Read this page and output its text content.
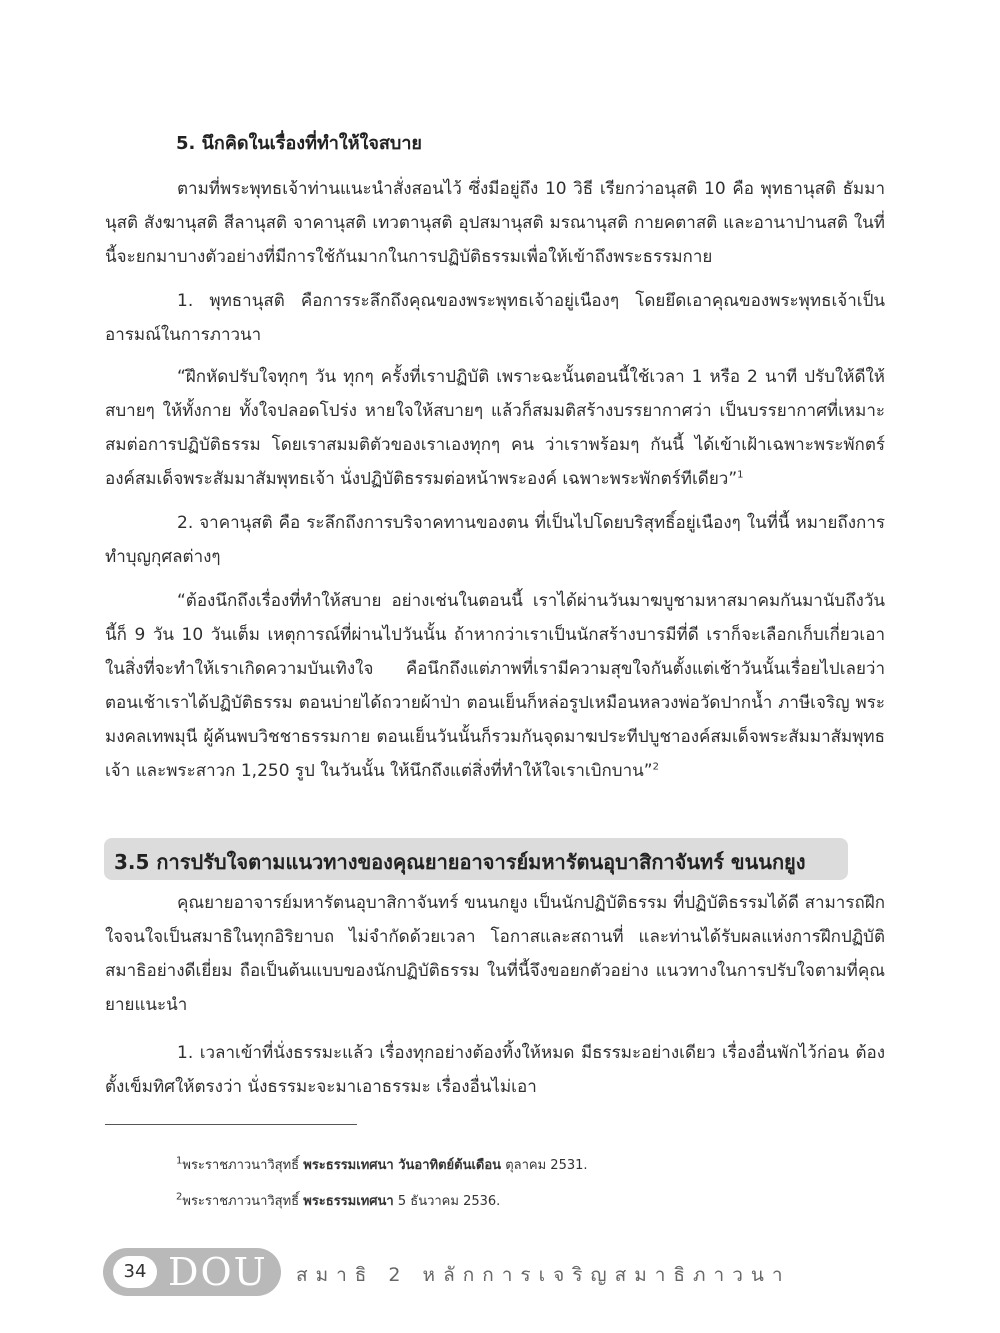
5. นึกคิดในเรื่องที่ทำให้ใจสบาย
ตามที่พระพุทธเจ้าท่านแนะนำสั่งสอนไว้ ซึ่งมีอยู่ถึง 10 วิธี เรียกว่าอนุสติ 10 คือ พุทธานุสติ ธัมมานุสติ สังฆานุสติ สีลานุสติ จาคานุสติ เทวตานุสติ อุปสมานุสติ มรณานุสติ กายคตาสติ และอานาปานสติ ในที่นี้จะยกมาบางตัวอย่างที่มีการใช้กันมากในการปฏิบัติธรรมเพื่อให้เข้าถึงพระธรรมกาย
1. พุทธานุสติ คือการระลึกถึงคุณของพระพุทธเจ้าอยู่เนืองๆ โดยยึดเอาคุณของพระพุทธเจ้าเป็นอารมณ์ในการภาวนา
“ฝึกหัดปรับใจทุกๆ วัน ทุกๆ ครั้งที่เราปฏิบัติ เพราะฉะนั้นตอนนี้ใช้เวลา 1 หรือ 2 นาที ปรับให้ดีให้สบายๆ ให้ทั้งกาย ทั้งใจปลอดโปร่ง หายใจให้สบายๆ แล้วก็สมมติสร้างบรรยากาศว่า เป็นบรรยากาศที่เหมาะสมต่อการปฏิบัติธรรม โดยเราสมมติตัวของเราเองทุกๆ คน ว่าเราพร้อมๆ กันนี้ ได้เข้าเฝ้าเฉพาะพระพักตร์องค์สมเด็จพระสัมมาสัมพุทธเจ้า นั่งปฏิบัติธรรมต่อหน้าพระองค์ เฉพาะพระพักตร์ทีเดียว”$^1$
2. จาคานุสติ คือ ระลึกถึงการบริจาคทานของตน ที่เป็นไปโดยบริสุทธิ์อยู่เนืองๆ ในที่นี้ หมายถึงการทำบุญกุศลต่างๆ
“ต้องนึกถึงเรื่องที่ทำให้สบาย อย่างเช่นในตอนนี้ เราได้ผ่านวันมาฆบูชามหาสมาคมกันมานับถึงวันนี้ก็ 9 วัน 10 วันเต็ม เหตุการณ์ที่ผ่านไปวันนั้น ถ้าหากว่าเราเป็นนักสร้างบารมีที่ดี เราก็จะเลือกเก็บเกี่ยวเอาในสิ่งที่จะทำให้เราเกิดความบันเทิงใจ คือนึกถึงแต่ภาพที่เรามีความสุขใจกันตั้งแต่เช้าวันนั้นเรื่อยไปเลยว่า ตอนเช้าเราได้ปฏิบัติธรรม ตอนบ่ายได้ถวายผ้าป่า ตอนเย็นก็หล่อรูปเหมือนหลวงพ่อวัดปากน้ำ ภาษีเจริญ พระมงคลเทพมุนี ผู้ค้นพบวิชชาธรรมกาย ตอนเย็นวันนั้นก็รวมกันจุดมาฆประทีปบูชาองค์สมเด็จพระสัมมาสัมพุทธเจ้า และพระสาวก 1,250 รูป ในวันนั้น ให้นึกถึงแต่สิ่งที่ทำให้ใจเราเบิกบาน”$^2$
3.5 การปรับใจตามแนวทางของคุณยายอาจารย์มหารัตนอุบาสิกาจันทร์ ขนนกยูง
คุณยายอาจารย์มหารัตนอุบาสิกาจันทร์ ขนนกยูง เป็นนักปฏิบัติธรรม ที่ปฏิบัติธรรมได้ดี สามารถฝึกใจจนใจเป็นสมาธิในทุกอิริยาบถ ไม่จำกัดด้วยเวลา โอกาสและสถานที่ และท่านได้รับผลแห่งการฝึกปฏิบัติสมาธิอย่างดีเยี่ยม ถือเป็นต้นแบบของนักปฏิบัติธรรม ในที่นี้จึงขอยกตัวอย่าง แนวทางในการปรับใจตามที่คุณยายแนะนำ
1. เวลาเข้าที่นั่งธรรมะแล้ว เรื่องทุกอย่างต้องทิ้งให้หมด มีธรรมะอย่างเดียว เรื่องอื่นพักไว้ก่อน ต้องตั้งเข็มทิศให้ตรงว่า นั่งธรรมะจะมาเอาธรรมะ เรื่องอื่นไม่เอา
$^1$พระราชภาวนาวิสุทธิ์ พระธรรมเทศนา วันอาทิตย์ต้นเดือน ตุลาคม 2531.
$^2$พระราชภาวนาวิสุทธิ์ พระธรรมเทศนา 5 ธันวาคม 2536.
34 DOU สมาธิ 2 หลักการเจริญสมาธิภาวนา
